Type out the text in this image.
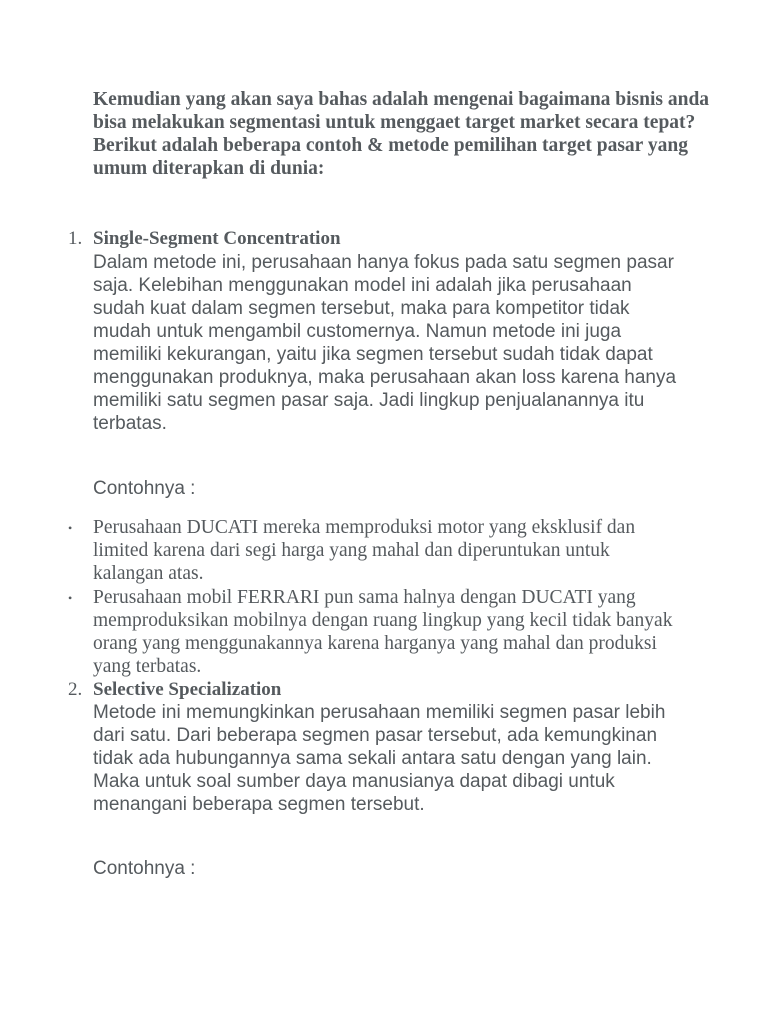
Kemudian yang akan saya bahas adalah mengenai bagaimana bisnis anda bisa melakukan segmentasi untuk menggaet target market secara tepat? Berikut adalah beberapa contoh & metode pemilihan target pasar yang umum diterapkan di dunia:

1. Single-Segment Concentration

Dalam metode ini, perusahaan hanya fokus pada satu segmen pasar saja. Kelebihan menggunakan model ini adalah jika perusahaan sudah kuat dalam segmen tersebut, maka para kompetitor tidak mudah untuk mengambil customernya. Namun metode ini juga memiliki kekurangan, yaitu jika segmen tersebut sudah tidak dapat menggunakan produknya, maka perusahaan akan loss karena hanya memiliki satu segmen pasar saja. Jadi lingkup penjualanannya itu terbatas.

Contohnya :

• Perusahaan DUCATI mereka memproduksi motor yang eksklusif dan limited karena dari segi harga yang mahal dan diperuntukan untuk kalangan atas.

• Perusahaan mobil FERRARI pun sama halnya dengan DUCATI yang memproduksikan mobilnya dengan ruang lingkup yang kecil tidak banyak orang yang menggunakannya karena harganya yang mahal dan produksi yang terbatas.

2. Selective Specialization

Metode ini memungkinkan perusahaan memiliki segmen pasar lebih dari satu. Dari beberapa segmen pasar tersebut, ada kemungkinan tidak ada hubungannya sama sekali antara satu dengan yang lain. Maka untuk soal sumber daya manusianya dapat dibagi untuk menangani beberapa segmen tersebut.

Contohnya :
